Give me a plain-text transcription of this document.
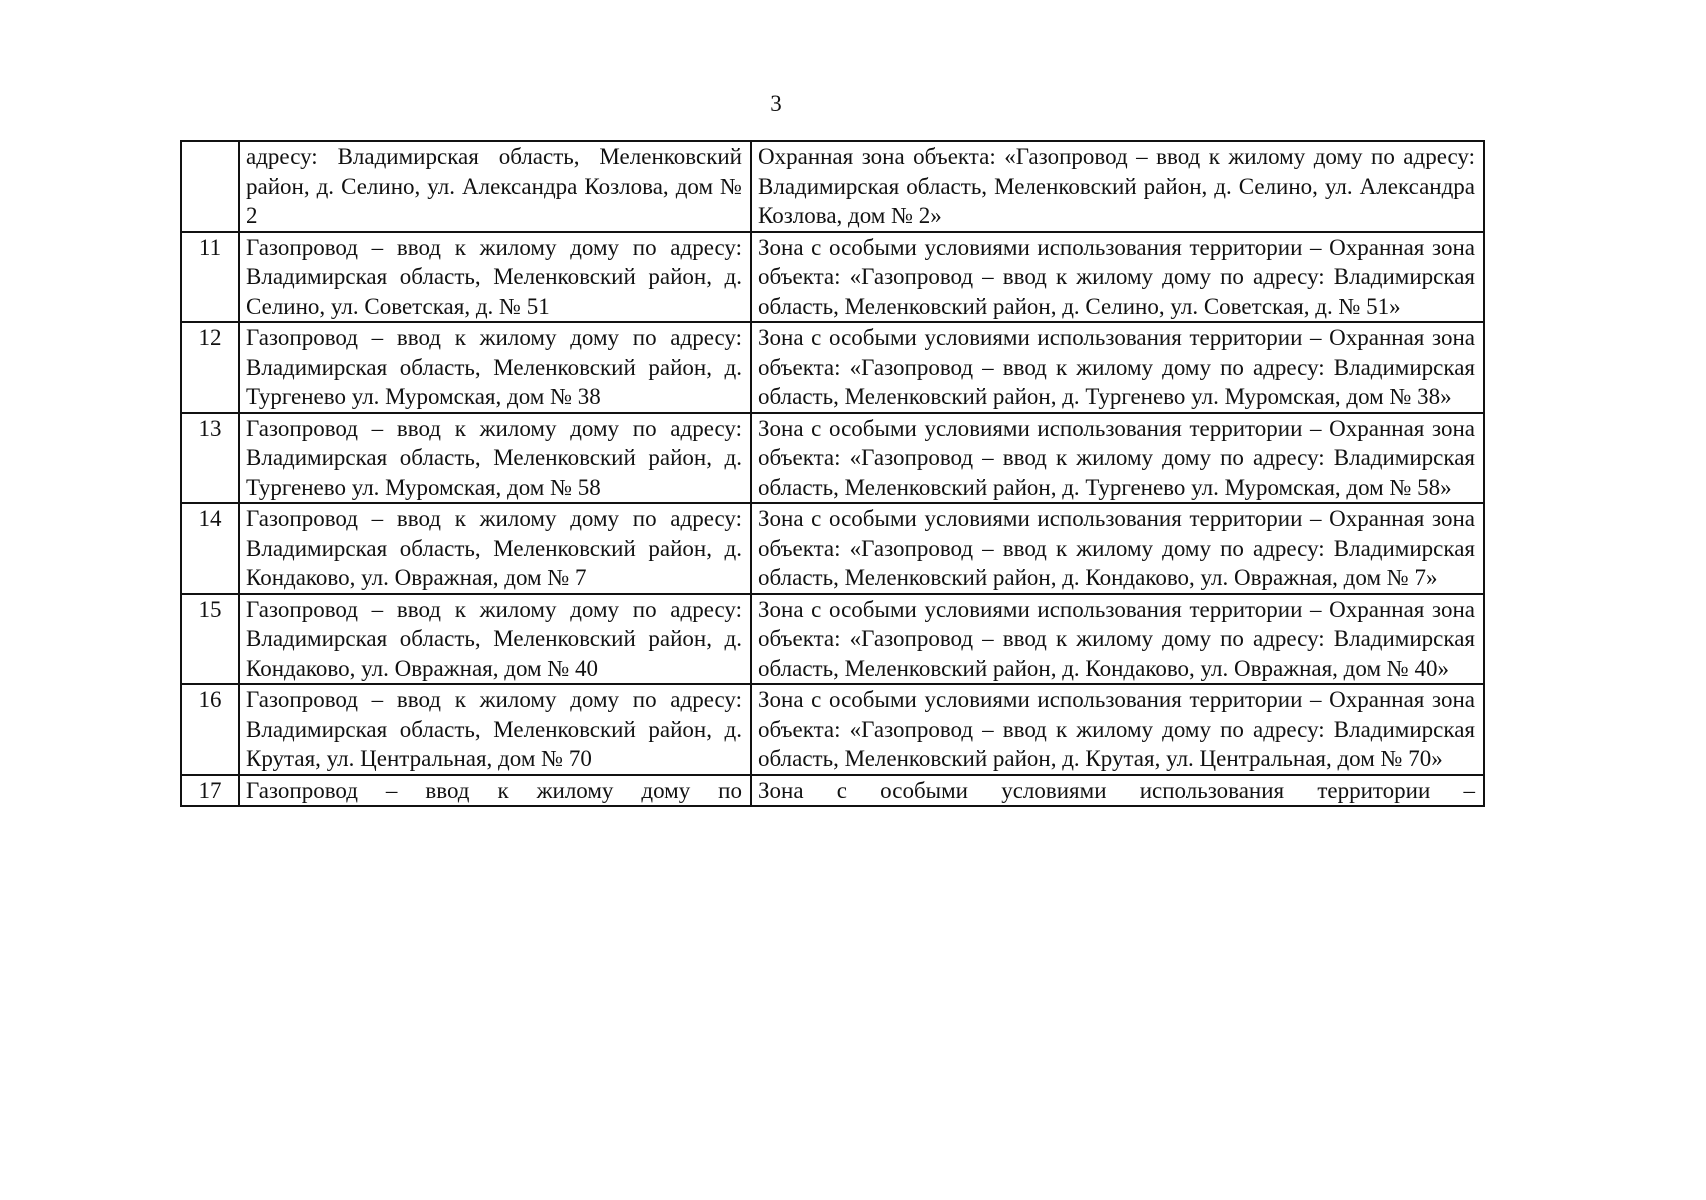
3
	адресу: Владимирская область, Меленковский район, д. Селино, ул. Александра Козлова, дом № 2	Охранная зона объекта: «Газопровод – ввод к жилому дому по адресу: Владимирская область, Меленковский район, д. Селино, ул. Александра Козлова, дом № 2»
11	Газопровод – ввод к жилому дому по адресу: Владимирская область, Меленковский район, д. Селино, ул. Советская, д. № 51	Зона с особыми условиями использования территории – Охранная зона объекта: «Газопровод – ввод к жилому дому по адресу: Владимирская область, Меленковский район, д. Селино, ул. Советская, д. № 51»
12	Газопровод – ввод к жилому дому по адресу: Владимирская область, Меленковский район, д. Тургенево ул. Муромская, дом № 38	Зона с особыми условиями использования территории – Охранная зона объекта: «Газопровод – ввод к жилому дому по адресу: Владимирская область, Меленковский район, д. Тургенево ул. Муромская, дом № 38»
13	Газопровод – ввод к жилому дому по адресу: Владимирская область, Меленковский район, д. Тургенево ул. Муромская, дом № 58	Зона с особыми условиями использования территории – Охранная зона объекта: «Газопровод – ввод к жилому дому по адресу: Владимирская область, Меленковский район, д. Тургенево ул. Муромская, дом № 58»
14	Газопровод – ввод к жилому дому по адресу: Владимирская область, Меленковский район, д. Кондаково, ул. Овражная, дом № 7	Зона с особыми условиями использования территории – Охранная зона объекта: «Газопровод – ввод к жилому дому по адресу: Владимирская область, Меленковский район, д. Кондаково, ул. Овражная, дом № 7»
15	Газопровод – ввод к жилому дому по адресу: Владимирская область, Меленковский район, д. Кондаково, ул. Овражная, дом № 40	Зона с особыми условиями использования территории – Охранная зона объекта: «Газопровод – ввод к жилому дому по адресу: Владимирская область, Меленковский район, д. Кондаково, ул. Овражная, дом № 40»
16	Газопровод – ввод к жилому дому по адресу: Владимирская область, Меленковский район, д. Крутая, ул. Центральная, дом № 70	Зона с особыми условиями использования территории – Охранная зона объекта: «Газопровод – ввод к жилому дому по адресу: Владимирская область, Меленковский район, д. Крутая, ул. Центральная, дом № 70»
17	Газопровод – ввод к жилому дому по	Зона с особыми условиями использования территории –
